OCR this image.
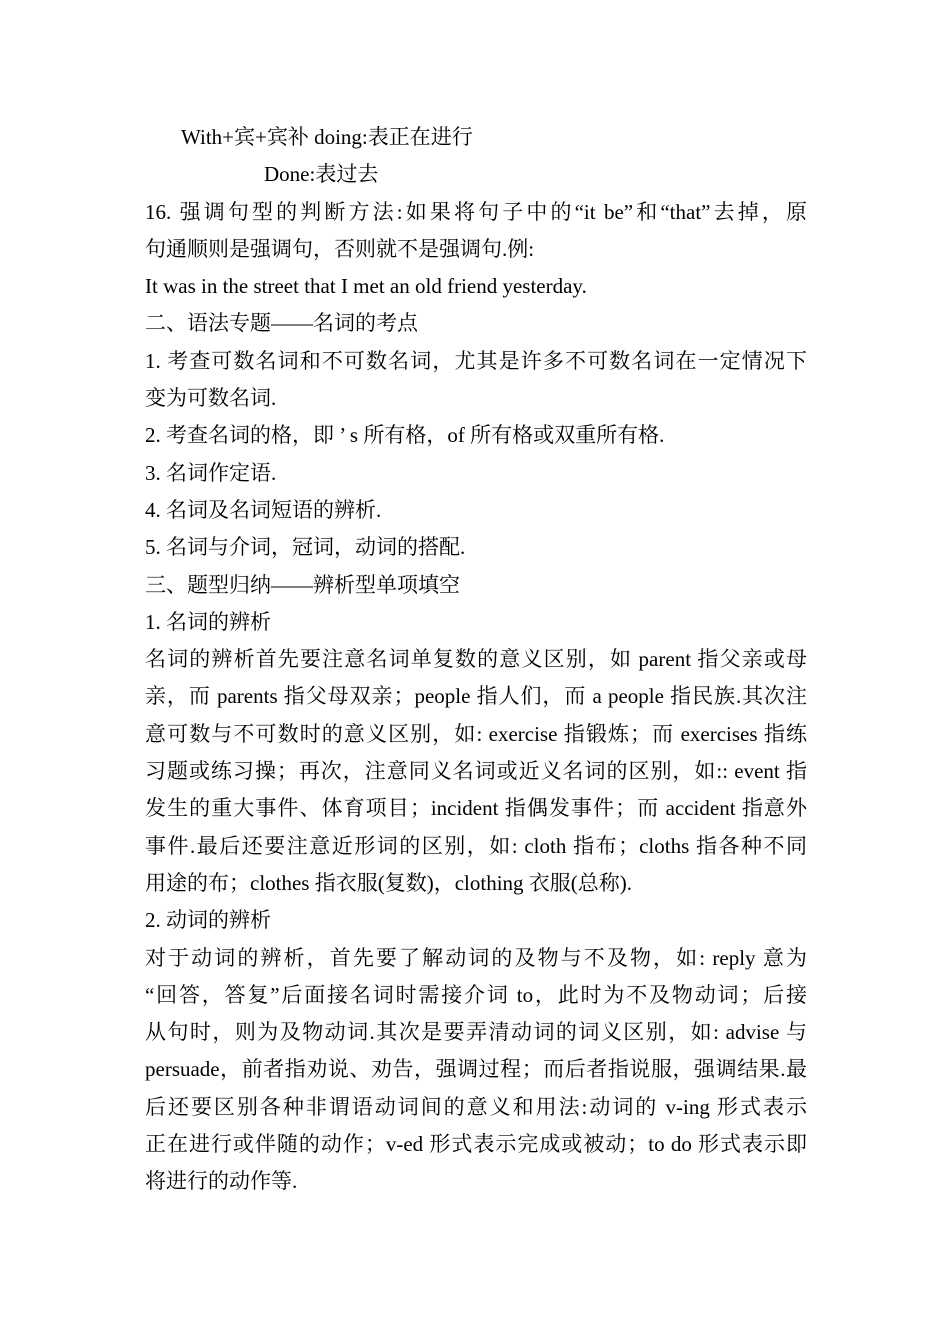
With+宾+宾补 doing:表正在进行
Done:表过去
16. 强调句型的判断方法:如果将句子中的“it be”和“that”去掉，原
句通顺则是强调句，否则就不是强调句.例:
It was in the street that I met an old friend yesterday.
二、语法专题——名词的考点
1. 考查可数名词和不可数名词，尤其是许多不可数名词在一定情况下
变为可数名词.
2. 考查名词的格，即 ’ s 所有格，of 所有格或双重所有格.
3. 名词作定语.
4. 名词及名词短语的辨析.
5. 名词与介词，冠词，动词的搭配.
三、题型归纳——辨析型单项填空
1. 名词的辨析
名词的辨析首先要注意名词单复数的意义区别，如 parent 指父亲或母
亲，而 parents 指父母双亲；people 指人们，而 a people 指民族.其次注
意可数与不可数时的意义区别，如: exercise 指锻炼；而 exercises 指练
习题或练习操；再次，注意同义名词或近义名词的区别，如:: event 指
发生的重大事件、体育项目；incident 指偶发事件；而 accident 指意外
事件.最后还要注意近形词的区别，如: cloth 指布；cloths 指各种不同
用途的布；clothes 指衣服(复数)，clothing 衣服(总称).
2. 动词的辨析
对于动词的辨析，首先要了解动词的及物与不及物，如: reply 意为
“回答，答复”后面接名词时需接介词 to，此时为不及物动词；后接
从句时，则为及物动词.其次是要弄清动词的词义区别，如: advise 与
persuade，前者指劝说、劝告，强调过程；而后者指说服，强调结果.最
后还要区别各种非谓语动词间的意义和用法:动词的 v-ing 形式表示
正在进行或伴随的动作；v-ed 形式表示完成或被动；to do 形式表示即
将进行的动作等.
